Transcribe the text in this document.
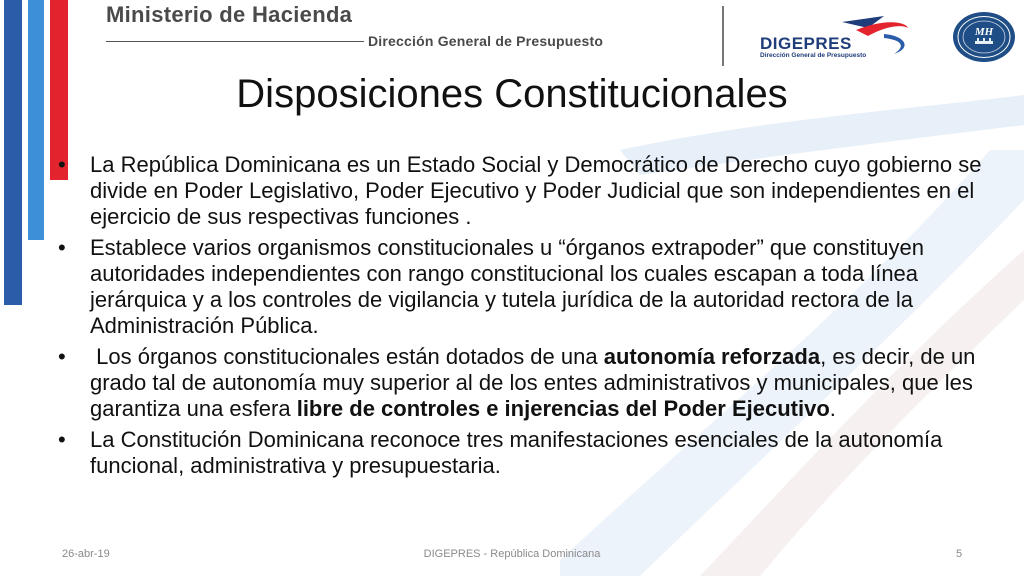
Ministerio de Hacienda
Dirección General de Presupuesto	DIGEPRES
Dirección General de Presupuesto
MH
Disposiciones Constitucionales
• La República Dominicana es un Estado Social y Democrático de Derecho cuyo gobierno se divide en Poder Legislativo, Poder Ejecutivo y Poder Judicial que son independientes en el ejercicio de sus respectivas funciones .
• Establece varios organismos constitucionales u “órganos extrapoder” que constituyen autoridades independientes con rango constitucional los cuales escapan a toda línea jerárquica y a los controles de vigilancia y tutela jurídica de la autoridad rectora de la Administración Pública.
• Los órganos constitucionales están dotados de una autonomía reforzada, es decir, de un grado tal de autonomía muy superior al de los entes administrativos y municipales, que les garantiza una esfera libre de controles e injerencias del Poder Ejecutivo.
• La Constitución Dominicana reconoce tres manifestaciones esenciales de la autonomía funcional, administrativa y presupuestaria.
26-abr-19	DIGEPRES - República Dominicana	5
